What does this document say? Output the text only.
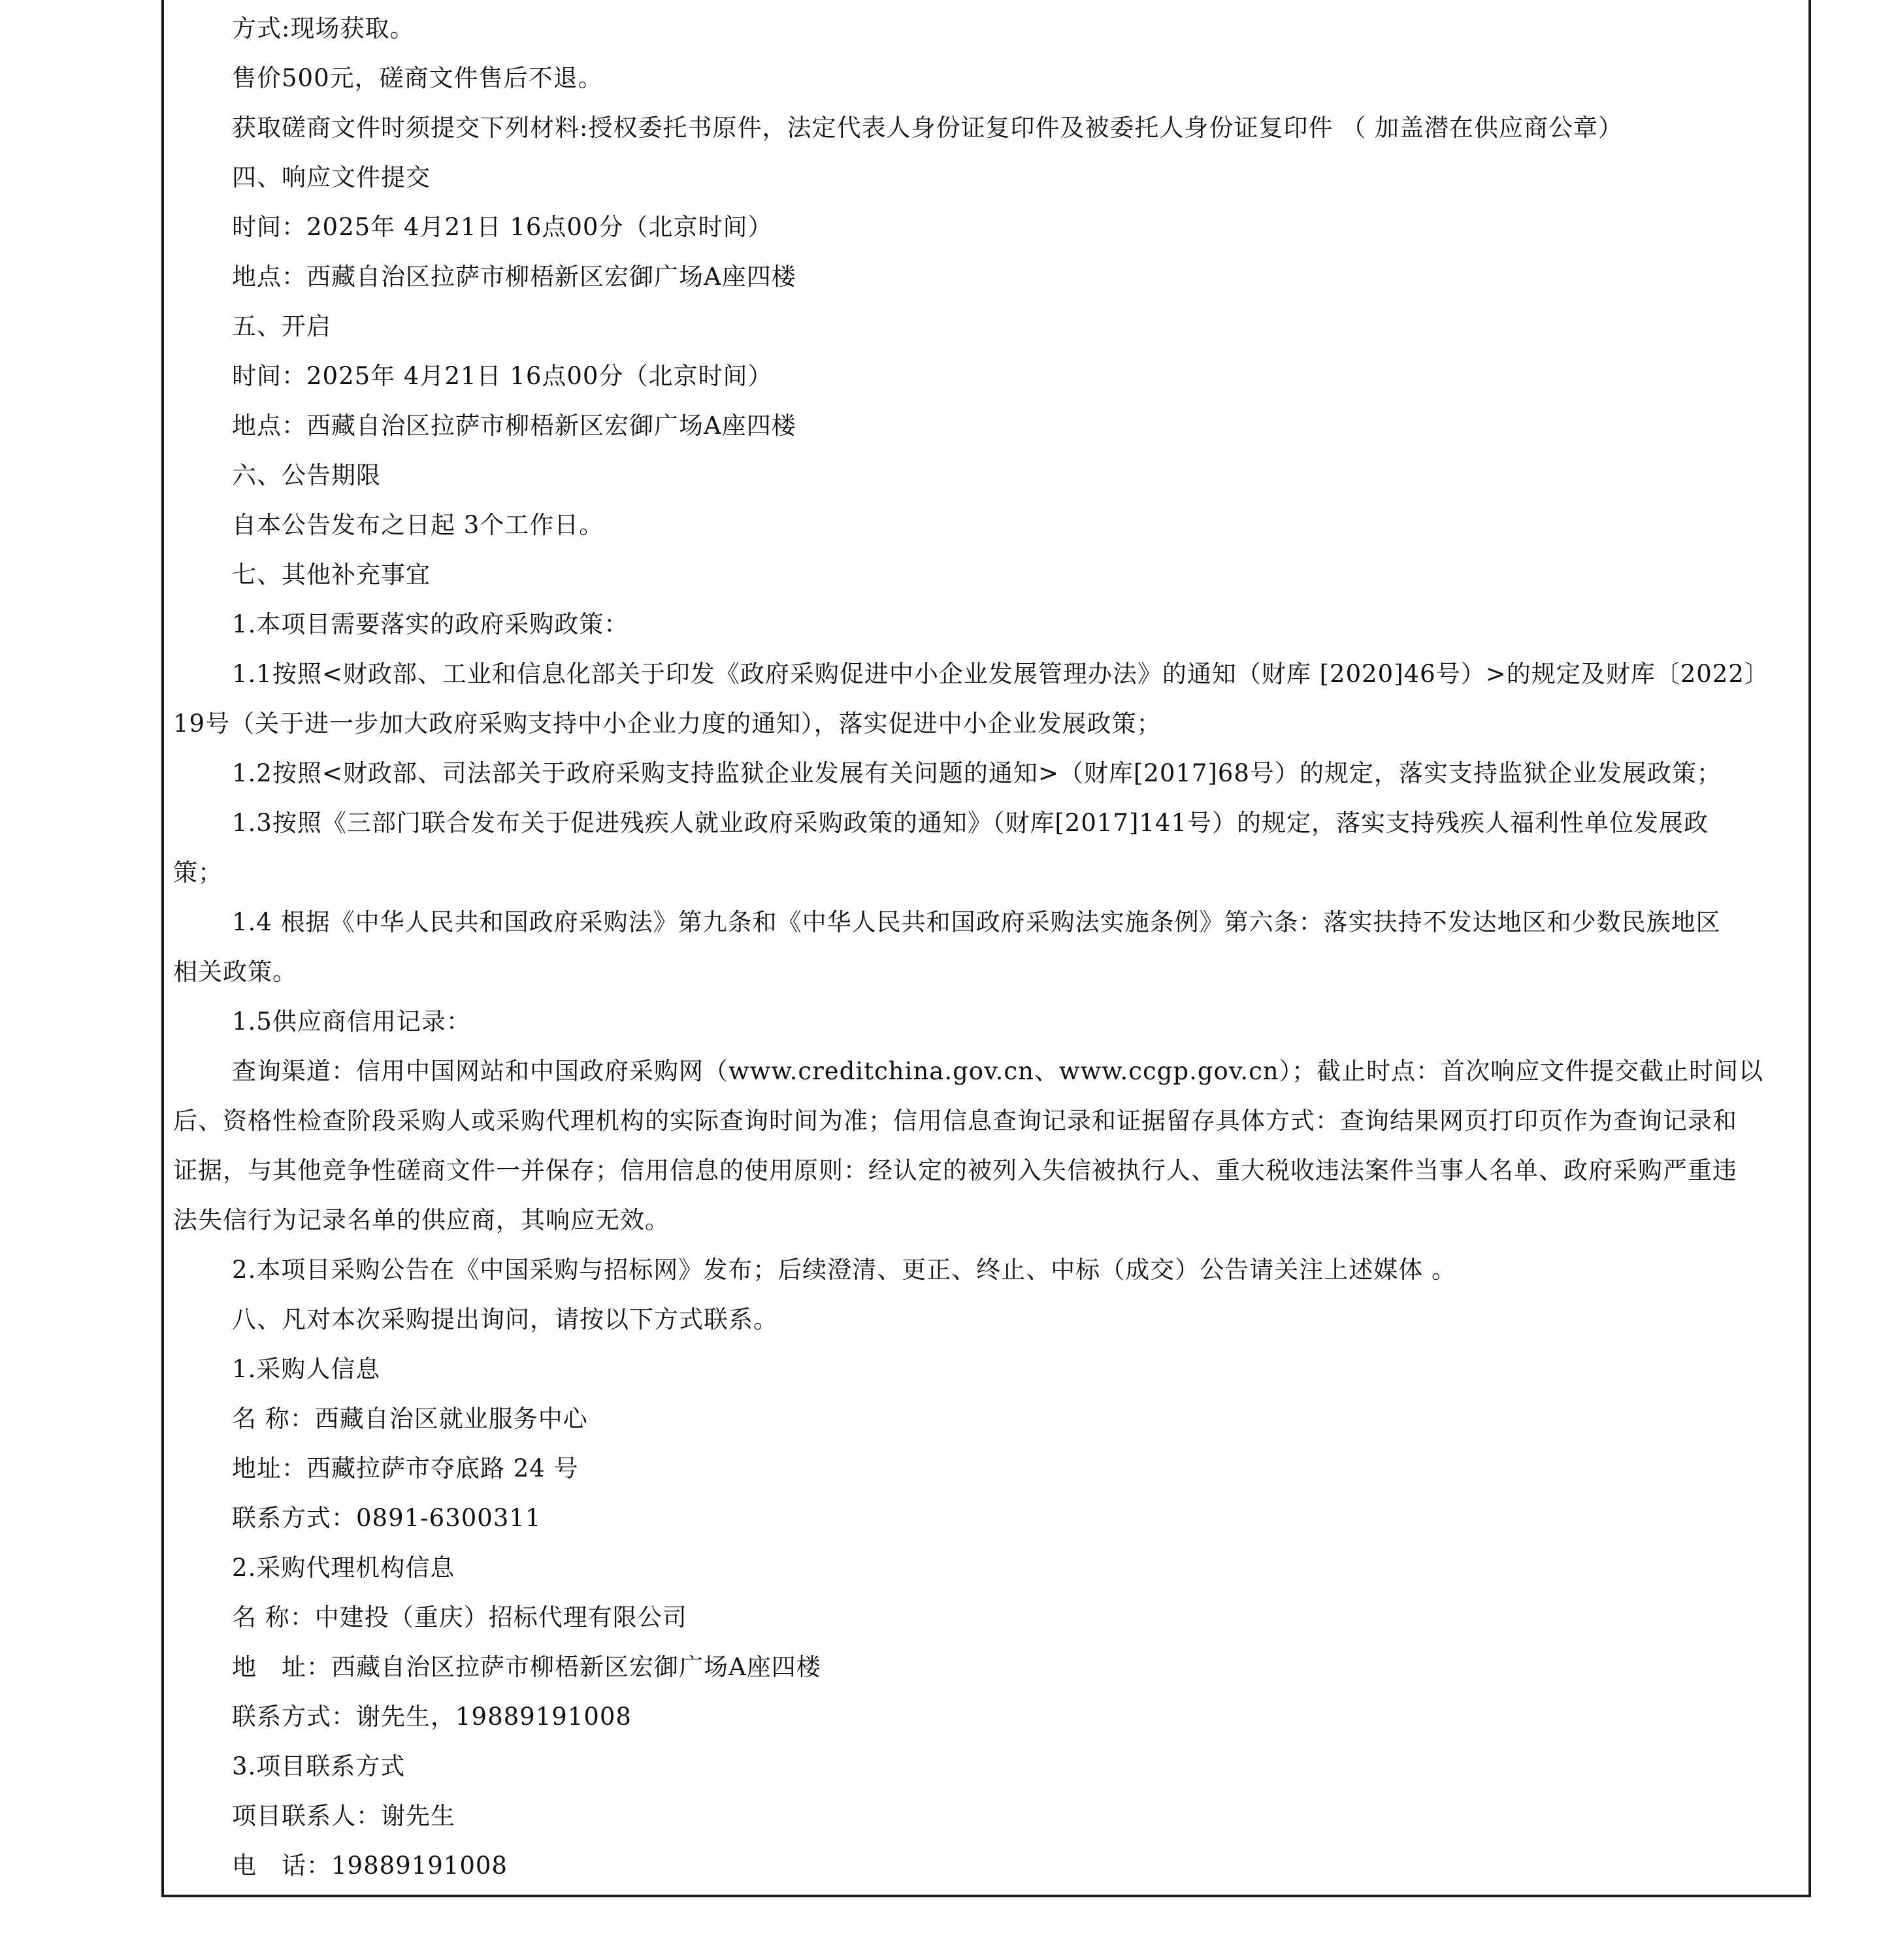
方式:现场获取。
售价500元，磋商文件售后不退。
获取磋商文件时须提交下列材料:授权委托书原件，法定代表人身份证复印件及被委托人身份证复印件 （ 加盖潜在供应商公章）
四、响应文件提交
时间：2025年 4月21日 16点00分（北京时间）
地点：西藏自治区拉萨市柳梧新区宏御广场A座四楼
五、开启
时间：2025年 4月21日 16点00分（北京时间）
地点：西藏自治区拉萨市柳梧新区宏御广场A座四楼
六、公告期限
自本公告发布之日起 3个工作日。
七、其他补充事宜
1.本项目需要落实的政府采购政策：
1.1按照<财政部、工业和信息化部关于印发《政府采购促进中小企业发展管理办法》的通知（财库 [2020]46号）>的规定及财库〔2022〕
19号（关于进一步加大政府采购支持中小企业力度的通知），落实促进中小企业发展政策；
1.2按照<财政部、司法部关于政府采购支持监狱企业发展有关问题的通知>（财库[2017]68号）的规定，落实支持监狱企业发展政策；
1.3按照《三部门联合发布关于促进残疾人就业政府采购政策的通知》（财库[2017]141号）的规定，落实支持残疾人福利性单位发展政
策；
1.4 根据《中华人民共和国政府采购法》第九条和《中华人民共和国政府采购法实施条例》第六条：落实扶持不发达地区和少数民族地区
相关政策。
1.5供应商信用记录：
查询渠道：信用中国网站和中国政府采购网（www.creditchina.gov.cn、www.ccgp.gov.cn）；截止时点：首次响应文件提交截止时间以
后、资格性检查阶段采购人或采购代理机构的实际查询时间为准；信用信息查询记录和证据留存具体方式：查询结果网页打印页作为查询记录和
证据，与其他竞争性磋商文件一并保存；信用信息的使用原则：经认定的被列入失信被执行人、重大税收违法案件当事人名单、政府采购严重违
法失信行为记录名单的供应商，其响应无效。
2.本项目采购公告在《中国采购与招标网》发布；后续澄清、更正、终止、中标（成交）公告请关注上述媒体 。
八、凡对本次采购提出询问，请按以下方式联系。
1.采购人信息
名 称：西藏自治区就业服务中心
地址：西藏拉萨市夺底路 24 号
联系方式：0891-6300311
2.采购代理机构信息
名 称：中建投（重庆）招标代理有限公司
地　址：西藏自治区拉萨市柳梧新区宏御广场A座四楼
联系方式：谢先生，19889191008
3.项目联系方式
项目联系人：谢先生
电　话：19889191008
